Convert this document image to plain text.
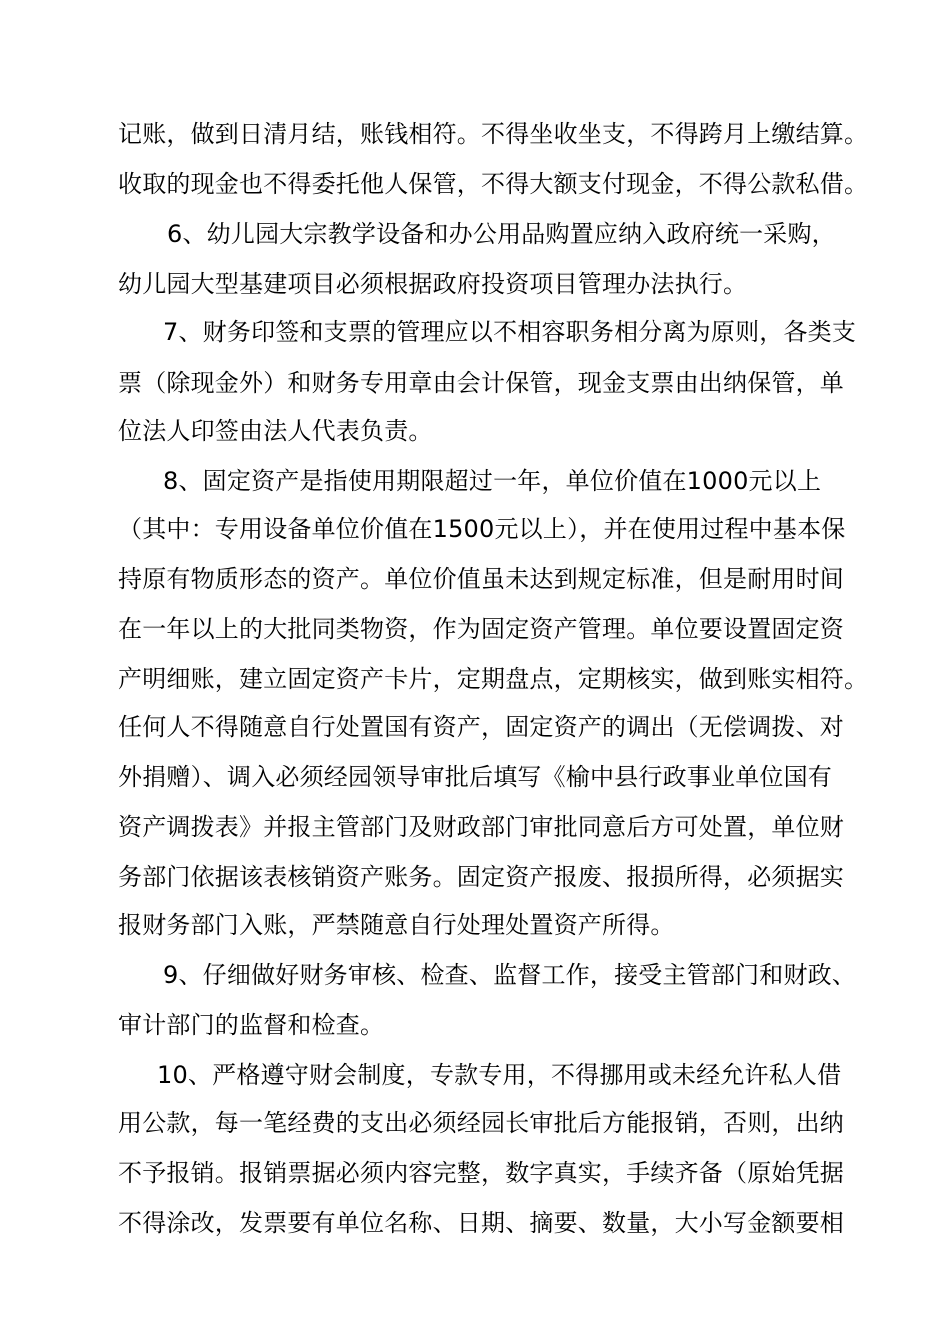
记账，做到日清月结，账钱相符。不得坐收坐支，不得跨月上缴结算。
收取的现金也不得委托他人保管，不得大额支付现金，不得公款私借。
6、幼儿园大宗教学设备和办公用品购置应纳入政府统一采购，
幼儿园大型基建项目必须根据政府投资项目管理办法执行。
7、财务印签和支票的管理应以不相容职务相分离为原则，各类支
票（除现金外）和财务专用章由会计保管，现金支票由出纳保管，单
位法人印签由法人代表负责。
8、固定资产是指使用期限超过一年，单位价值在1000元以上
（其中：专用设备单位价值在1500元以上），并在使用过程中基本保
持原有物质形态的资产。单位价值虽未达到规定标准，但是耐用时间
在一年以上的大批同类物资，作为固定资产管理。单位要设置固定资
产明细账，建立固定资产卡片，定期盘点，定期核实，做到账实相符。
任何人不得随意自行处置国有资产，固定资产的调出（无偿调拨、对
外捐赠）、调入必须经园领导审批后填写《榆中县行政事业单位国有
资产调拨表》并报主管部门及财政部门审批同意后方可处置，单位财
务部门依据该表核销资产账务。固定资产报废、报损所得，必须据实
报财务部门入账，严禁随意自行处理处置资产所得。
9、仔细做好财务审核、检查、监督工作，接受主管部门和财政、
审计部门的监督和检查。
10、严格遵守财会制度，专款专用，不得挪用或未经允许私人借
用公款，每一笔经费的支出必须经园长审批后方能报销，否则，出纳
不予报销。报销票据必须内容完整，数字真实，手续齐备（原始凭据
不得涂改，发票要有单位名称、日期、摘要、数量，大小写金额要相
